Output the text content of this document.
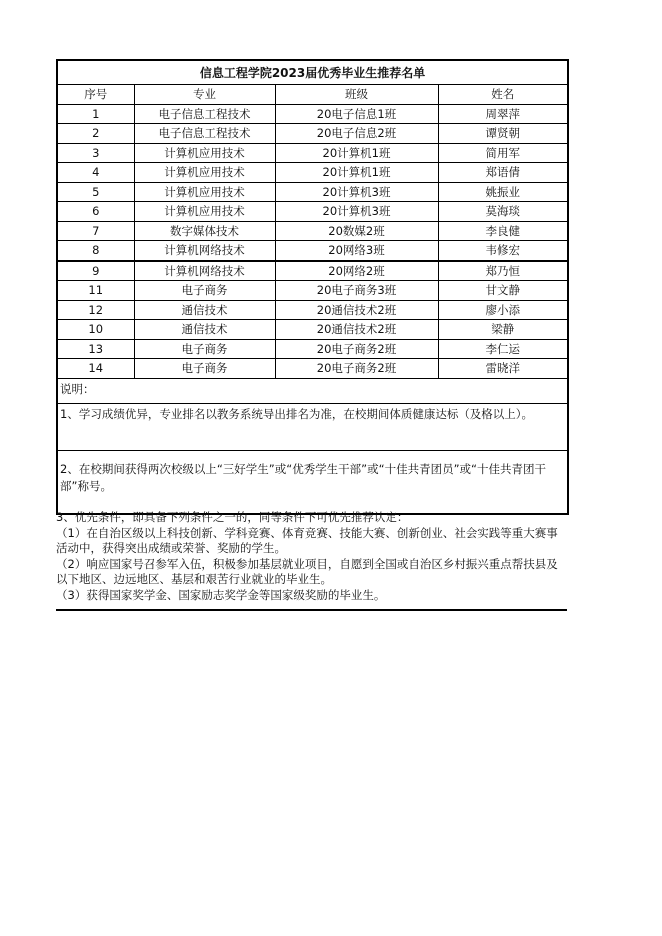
信息工程学院2023届优秀毕业生推荐名单			
序号	专业	班级	姓名
1	电子信息工程技术	20电子信息1班	周翠萍
2	电子信息工程技术	20电子信息2班	谭贤朝
3	计算机应用技术	20计算机1班	简用军
4	计算机应用技术	20计算机1班	郑语倩
5	计算机应用技术	20计算机3班	姚振业
6	计算机应用技术	20计算机3班	莫海琰
7	数字媒体技术	20数媒2班	李良健
8	计算机网络技术	20网络3班	韦修宏
9	计算机网络技术	20网络2班	郑乃恒
11	电子商务	20电子商务3班	甘文静
12	通信技术	20通信技术2班	廖小添
10	通信技术	20通信技术2班	梁静
13	电子商务	20电子商务2班	李仁运
14	电子商务	20电子商务2班	雷晓洋
说明：			
1、学习成绩优异，专业排名以教务系统导出排名为准，在校期间体质健康达标（及格以上）。			
2、在校期间获得两次校级以上“三好学生”或“优秀学生干部”或“十佳共青团员”或“十佳共青团干部”称号。			
3、优先条件，即具备下列条件之一的，同等条件下可优先推荐认定：
（1）在自治区级以上科技创新、学科竞赛、体育竞赛、技能大赛、创新创业、社会实践等重大赛事活动中，获得突出成绩或荣誉、奖励的学生。
（2）响应国家号召参军入伍，积极参加基层就业项目，自愿到全国或自治区乡村振兴重点帮扶县及以下地区、边远地区、基层和艰苦行业就业的毕业生。
（3）获得国家奖学金、国家励志奖学金等国家级奖励的毕业生。
